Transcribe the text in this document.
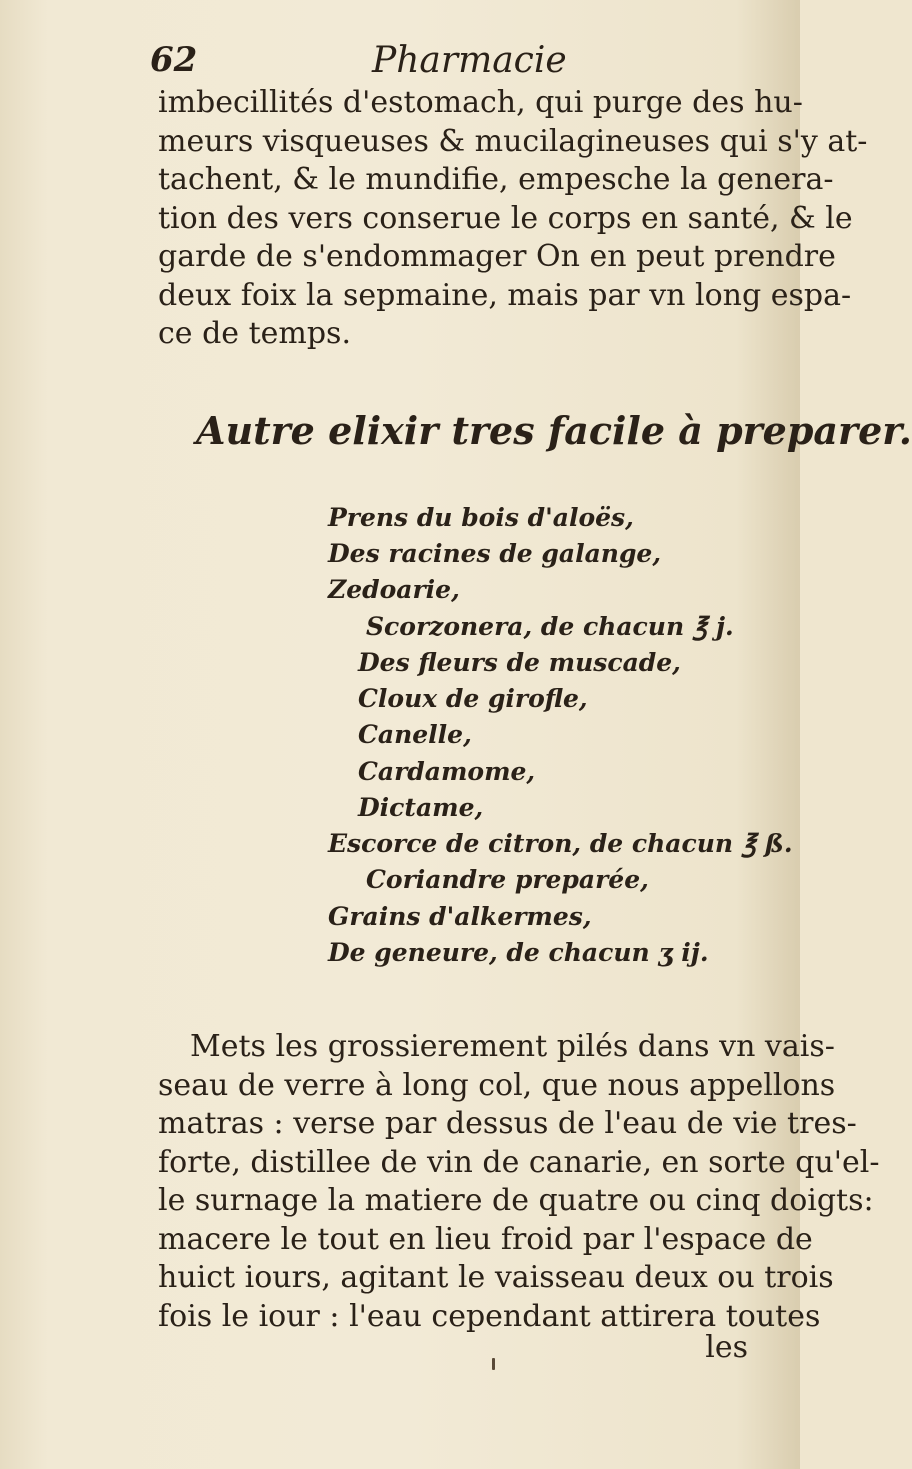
62	Pharmacie

imbecillités d'estomach, qui purge des hu-
meurs visqueuses & mucilagineuses qui s'y at-
tachent, & le mundifie, empesche la genera-
tion des vers conserue le corps en santé, & le
garde de s'endommager On en peut prendre
deux foix la sepmaine, mais par vn long espa-
ce de temps.

Autre elixir tres facile à preparer.
Prens du bois d'aloës,
Des racines de galange,
Zedoarie,
Scorzonera, de chacun ℥ j.
Des fleurs de muscade,
Cloux de girofle,
Canelle,
Cardamome,
Dictame,
Escorce de citron, de chacun ℥ ß.
Coriandre preparée,
Grains d'alkermes,
De geneure, de chacun ʒ ij.

Mets les grossierement pilés dans vn vais-
seau de verre à long col, que nous appellons
matras : verse par dessus de l'eau de vie tres-
forte, distillee de vin de canarie, en sorte qu'el-
le surnage la matiere de quatre ou cinq doigts:
macere le tout en lieu froid par l'espace de
huict iours, agitant le vaisseau deux ou trois
fois le iour : l'eau cependant attirera toutes

les
